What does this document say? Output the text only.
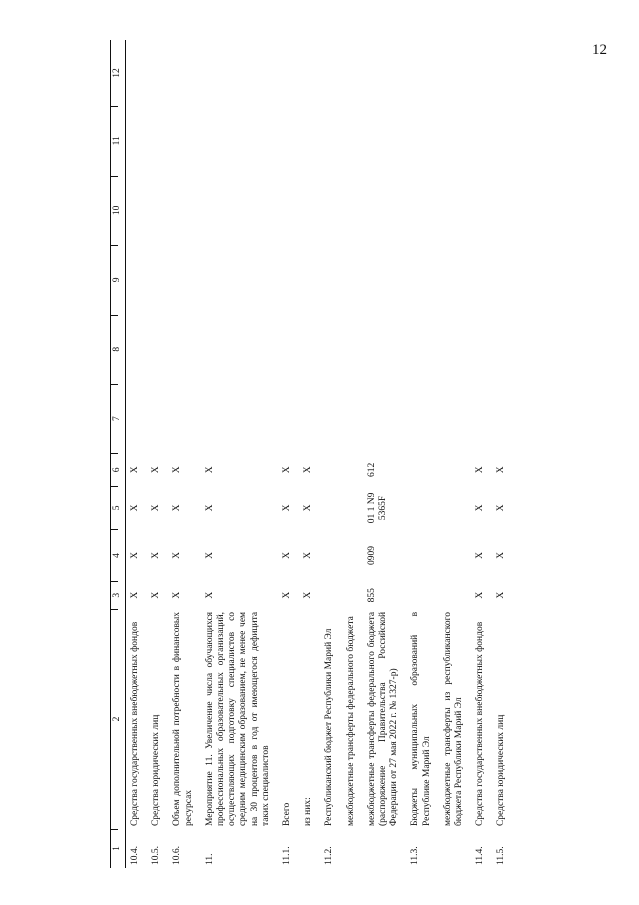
12
1	2	3	4	5	6	7	8	9	10	11	12
10.4.	Средства государственных внебюджетных фондов	Х	Х	Х	Х						
10.5.	Средства юридических лиц	Х	Х	Х	Х						
10.6.	Объем дополнительной потребности в финансовых ресурсах	Х	Х	Х	Х						
11.	Мероприятие 11. Увеличение числа обучающихся профессиональных образовательных организаций, осуществляющих подготовку специалистов со средним медицинским образованием, не менее чем на 30 процентов в год от имеющегося дефицита таких специалистов	Х	Х	Х	Х						
11.1.	Всего	Х	Х	Х	Х						
	из них:	Х	Х	Х	Х						
11.2.	Республиканский бюджет Республики Марий Эл										
	межбюджетные трансферты федерального бюджета										
	межбюджетные трансферты федерального бюджета (распоряжение Правительства Российской Федерации от 27 мая 2022 г. № 1327-р)	855	0909	01 1 N9 5365F	612						
11.3.	Бюджеты муниципальных образований в Республике Марий Эл										
	межбюджетные трансферты из республиканского бюджета Республики Марий Эл										
11.4.	Средства государственных внебюджетных фондов	Х	Х	Х	Х						
11.5.	Средства юридических лиц	Х	Х	Х	Х						
